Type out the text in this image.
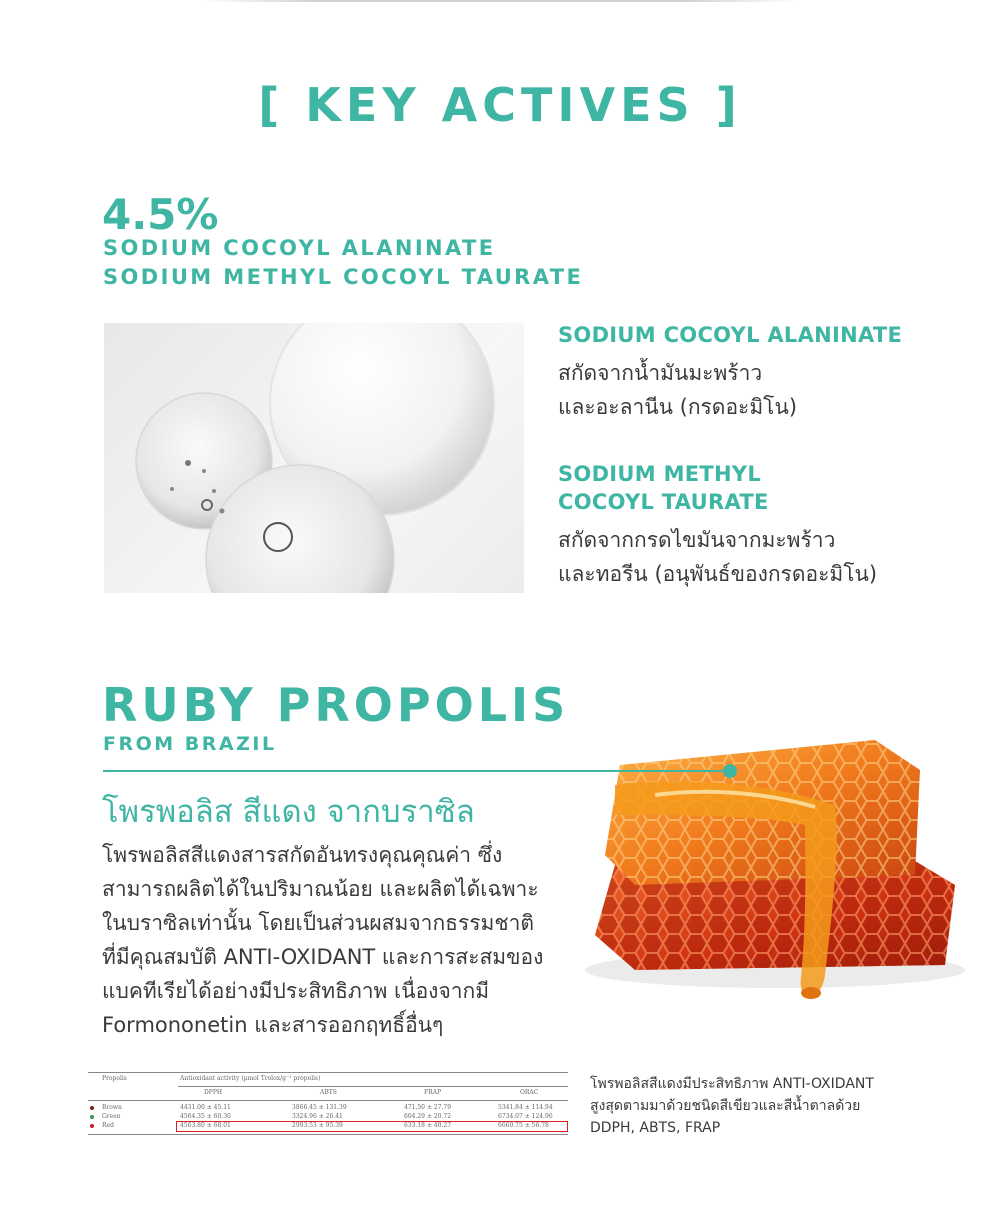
[ KEY ACTIVES ]
4.5%
SODIUM COCOYL ALANINATE
SODIUM METHYL COCOYL TAURATE
SODIUM COCOYL ALANINATE
สกัดจากน้ำมันมะพร้าว
และอะลานีน (กรดอะมิโน)
SODIUM METHYL
COCOYL TAURATE
สกัดจากกรดไขมันจากมะพร้าว
และทอรีน (อนุพันธ์ของกรดอะมิโน)
RUBY PROPOLIS
FROM BRAZIL
โพรพอลิส สีแดง จากบราซิล
โพรพอลิสสีแดงสารสกัดอันทรงคุณคุณค่า ซึ่ง
สามารถผลิตได้ในปริมาณน้อย และผลิตได้เฉพาะ
ในบราซิลเท่านั้น โดยเป็นส่วนผสมจากธรรมชาติ
ที่มีคุณสมบัติ ANTI-OXIDANT และการสะสมของ
แบคทีเรียได้อย่างมีประสิทธิภาพ เนื่องจากมี
Formononetin และสารออกฤทธิ์อื่นๆ
Propolis	Antioxidant activity (µmol Trolox/g⁻¹ propolis)
DPPH	ABTS	FRAP	ORAC
Brown	4431.00 ± 45.11	3866.45 ± 131.39	471.50 ± 27.79	5341.84 ± 114.94
Green	4564.35 ± 60.30	3324.96 ± 26.41	604.29 ± 20.72	6734.07 ± 124.96
Red	4563.80 ± 68.01	2993.53 ± 95.39	633.18 ± 40.27	6660.75 ± 56.78
โพรพอลิสสีแดงมีประสิทธิภาพ ANTI-OXIDANT
สูงสุดตามมาด้วยชนิดสีเขียวและสีน้ำตาลด้วย
DDPH, ABTS, FRAP
